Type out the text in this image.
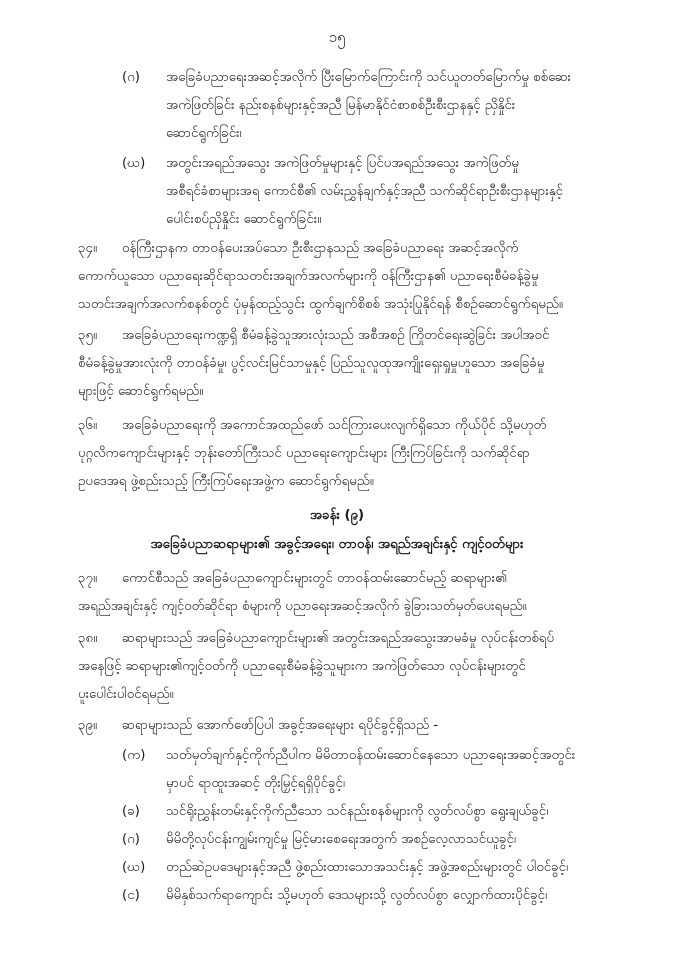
၁၅
(ဂ) အခြေခံပညာရေးအဆင့်အလိုက် ပြီးမြောက်ကြောင်းကို သင်ယူတတ်မြောက်မှု စစ်ဆေး
အကဲဖြတ်ခြင်း နည်းစနစ်များနှင့်အညီ မြန်မာနိုင်ငံစာစစ်ဦးစီးဌာနနှင့် ညှိနှိုင်း
ဆောင်ရွက်ခြင်း၊
(ဃ) အတွင်းအရည်အသွေး အကဲဖြတ်မှုများနှင့် ပြင်ပအရည်အသွေး အကဲဖြတ်မှု
အစီရင်ခံစာများအရ ကောင်စီ၏ လမ်းညွှန်ချက်နှင့်အညီ သက်ဆိုင်ရာဦးစီးဌာနများနှင့်
ပေါင်းစပ်ညှိနှိုင်း ဆောင်ရွက်ခြင်း။
၃၄။	ဝန်ကြီးဌာနက တာဝန်ပေးအပ်သော ဦးစီးဌာနသည် အခြေခံပညာရေး အဆင့်အလိုက်
ကောက်ယူသော ပညာရေးဆိုင်ရာသတင်းအချက်အလက်များကို ဝန်ကြီးဌာန၏ ပညာရေးစီမံခန့်ခွဲမှု
သတင်းအချက်အလက်စနစ်တွင် ပုံမှန်ထည့်သွင်း ထွက်ချက်စိစစ် အသုံးပြုနိုင်ရန် စီစဉ်ဆောင်ရွက်ရမည်။
၃၅။	အခြေခံပညာရေးကဏ္ဍရှိ စီမံခန့်ခွဲသူအားလုံးသည် အစီအစဉ် ကြိုတင်ရေးဆွဲခြင်း အပါအဝင်
စီမံခန့်ခွဲမှုအားလုံးကို တာဝန်ခံမှု၊ ပွင့်လင်းမြင်သာမှုနှင့် ပြည်သူလူထုအကျိုးရှေးရှုမှုဟူသော အခြေခံမှု
များဖြင့် ဆောင်ရွက်ရမည်။
၃၆။	အခြေခံပညာရေးကို အကောင်အထည်ဖော် သင်ကြားပေးလျက်ရှိသော ကိုယ်ပိုင် သို့မဟုတ်
ပုဂ္ဂလိကကျောင်းများနှင့် ဘုန်းတော်ကြီးသင် ပညာရေးကျောင်းများ ကြီးကြပ်ခြင်းကို သက်ဆိုင်ရာ
ဥပဒေအရ ဖွဲ့စည်းသည့် ကြီးကြပ်ရေးအဖွဲ့က ဆောင်ရွက်ရမည်။
အခန်း (၉)
အခြေခံပညာဆရာများ၏ အခွင့်အရေး၊ တာဝန်၊ အရည်အချင်းနှင့် ကျင့်ဝတ်များ
၃၇။	ကောင်စီသည် အခြေခံပညာကျောင်းများတွင် တာဝန်ထမ်းဆောင်မည့် ဆရာများ၏
အရည်အချင်းနှင့် ကျင့်ဝတ်ဆိုင်ရာ စံများကို ပညာရေးအဆင့်အလိုက် ခွဲခြားသတ်မှတ်ပေးရမည်။
၃၈။	ဆရာများသည် အခြေခံပညာကျောင်းများ၏ အတွင်းအရည်အသွေးအာမခံမှု လုပ်ငန်းတစ်ရပ်
အနေဖြင့် ဆရာများ၏ကျင့်ဝတ်ကို ပညာရေးစီမံခန့်ခွဲသူများက အကဲဖြတ်သော လုပ်ငန်းများတွင်
ပူးပေါင်းပါဝင်ရမည်။
၃၉။ ဆရာများသည် အောက်ဖော်ပြပါ အခွင့်အရေးများ ရပိုင်ခွင့်ရှိသည် -
(က) သတ်မှတ်ချက်နှင့်ကိုက်ညီပါက မိမိတာဝန်ထမ်းဆောင်နေသော ပညာရေးအဆင့်အတွင်း
မှာပင် ရာထူးအဆင့် တိုးမြှင့်ရရှိပိုင်ခွင့်၊
(ခ) သင်ရိုးညွှန်းတမ်းနှင့်ကိုက်ညီသော သင်နည်းစနစ်များကို လွတ်လပ်စွာ ရွေးချယ်ခွင့်၊
(ဂ) မိမိတို့လုပ်ငန်းကျွမ်းကျင်မှု မြင့်မားစေရေးအတွက် အစဉ်လေ့လာသင်ယူခွင့်၊
(ဃ) တည်ဆဲဥပဒေများနှင့်အညီ ဖွဲ့စည်းထားသောအသင်းနှင့် အဖွဲ့အစည်းများတွင် ပါဝင်ခွင့်၊
(င) မိမိနှစ်သက်ရာကျောင်း သို့မဟုတ် ဒေသများသို့ လွတ်လပ်စွာ လျှောက်ထားပိုင်ခွင့်၊
